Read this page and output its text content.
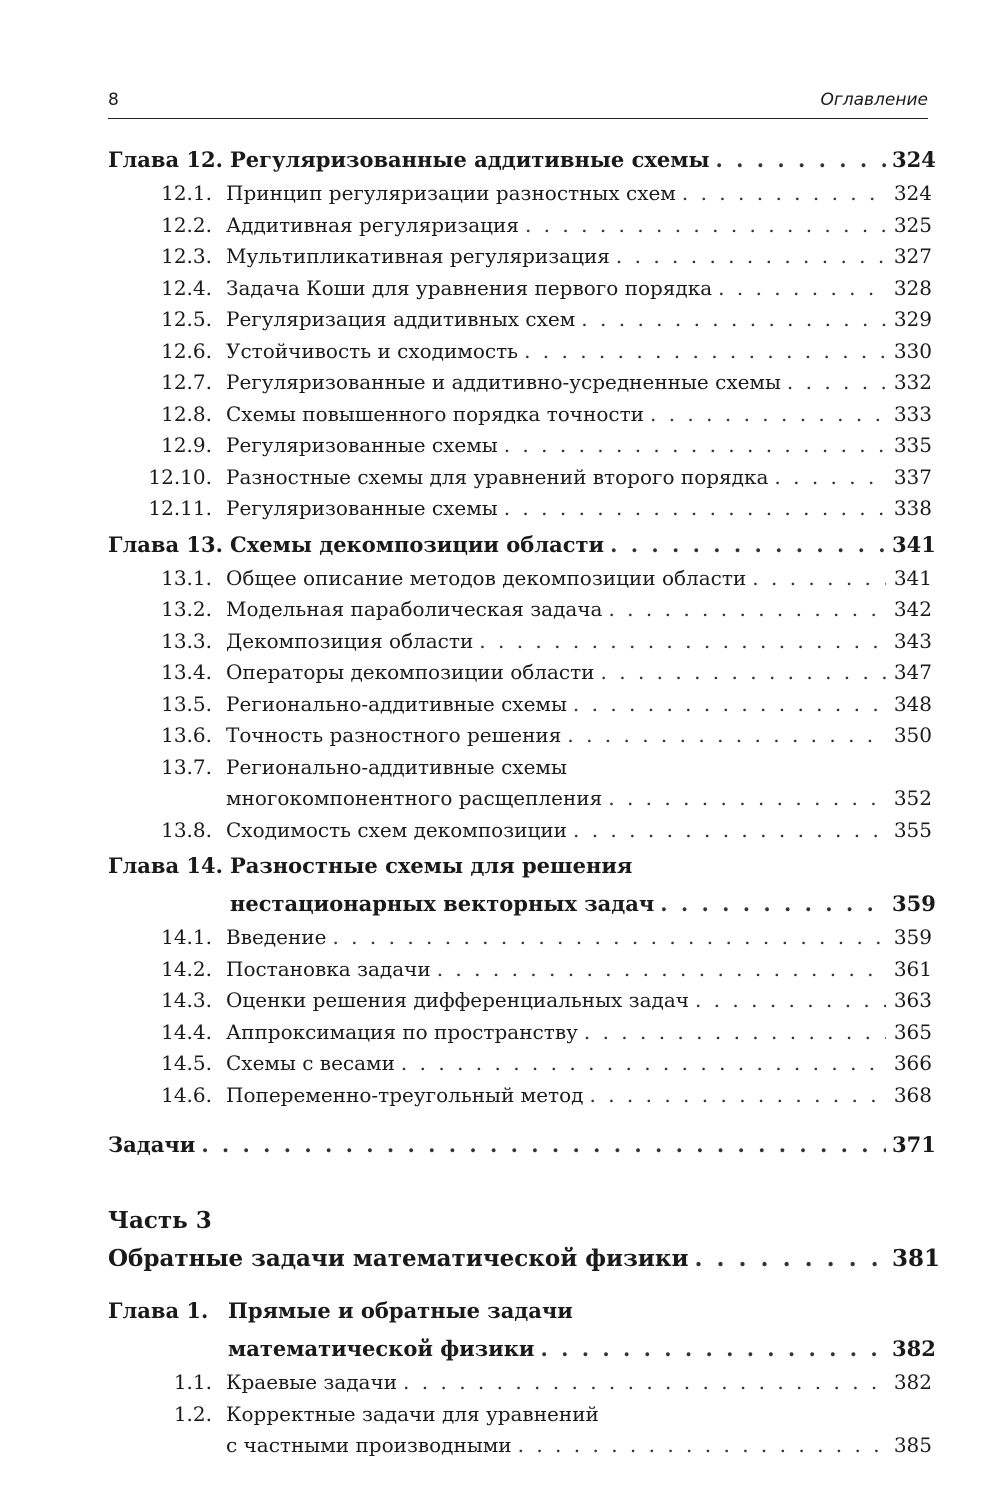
8	Оглавление
Глава 12. Регуляризованные аддитивные схемы . . .	324
12.1. Принцип регуляризации разностных схем . . .	324
12.2. Аддитивная регуляризация . . .	325
12.3. Мультипликативная регуляризация . . .	327
12.4. Задача Коши для уравнения первого порядка . . .	328
12.5. Регуляризация аддитивных схем . . .	329
12.6. Устойчивость и сходимость . . .	330
12.7. Регуляризованные и аддитивно-усредненные схемы . . .	332
12.8. Схемы повышенного порядка точности . . .	333
12.9. Регуляризованные схемы . . .	335
12.10. Разностные схемы для уравнений второго порядка . . .	337
12.11. Регуляризованные схемы . . .	338
Глава 13. Схемы декомпозиции области . . .	341
13.1. Общее описание методов декомпозиции области . . .	341
13.2. Модельная параболическая задача . . .	342
13.3. Декомпозиция области . . .	343
13.4. Операторы декомпозиции области . . .	347
13.5. Регионально-аддитивные схемы . . .	348
13.6. Точность разностного решения . . .	350
13.7. Регионально-аддитивные схемы
многокомпонентного расщепления . . .	352
13.8. Сходимость схем декомпозиции . . .	355
Глава 14. Разностные схемы для решения
нестационарных векторных задач . . .	359
14.1. Введение . . .	359
14.2. Постановка задачи . . .	361
14.3. Оценки решения дифференциальных задач . . .	363
14.4. Аппроксимация по пространству . . .	365
14.5. Схемы с весами . . .	366
14.6. Попеременно-треугольный метод . . .	368
Задачи . . .	371
Часть 3
Обратные задачи математической физики . . .	381
Глава 1. Прямые и обратные задачи
математической физики . . .	382
1.1. Краевые задачи . . .	382
1.2. Корректные задачи для уравнений
с частными производными . . .	385
